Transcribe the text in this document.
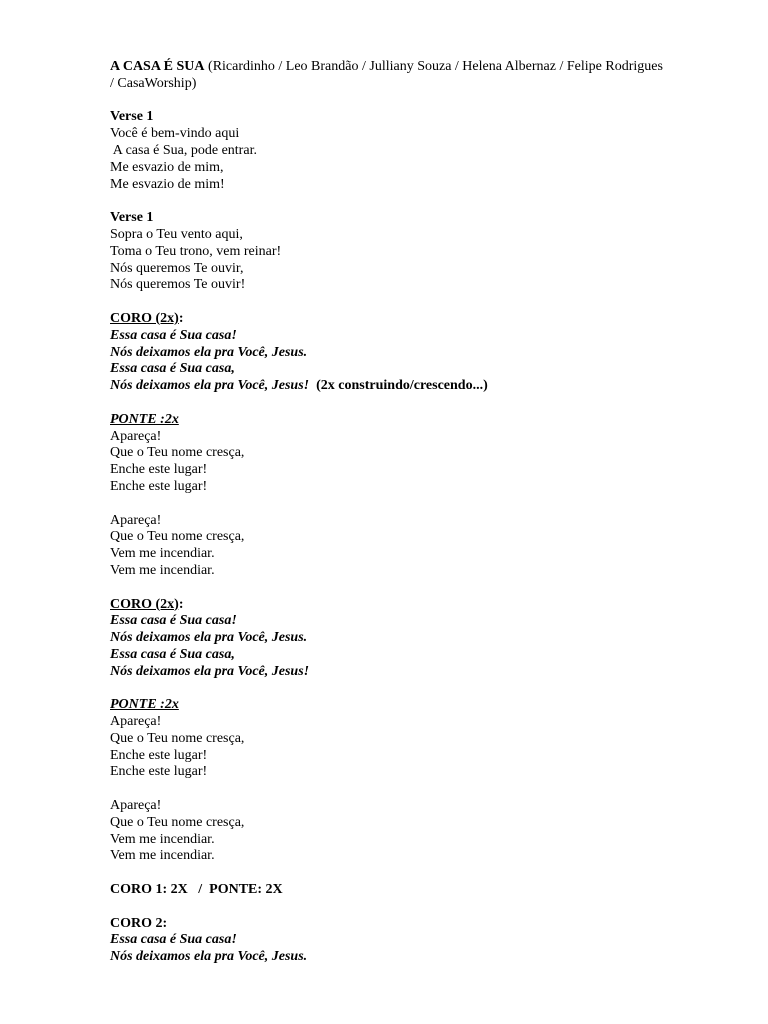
A CASA É SUA (Ricardinho / Leo Brandão / Julliany Souza / Helena Albernaz / Felipe Rodrigues / CasaWorship)
Verse 1
Você é bem-vindo aqui
A casa é Sua, pode entrar.
Me esvazio de mim,
Me esvazio de mim!
Verse 1
Sopra o Teu vento aqui,
Toma o Teu trono, vem reinar!
Nós queremos Te ouvir,
Nós queremos Te ouvir!
CORO (2x):
Essa casa é Sua casa!
Nós deixamos ela pra Você, Jesus.
Essa casa é Sua casa,
Nós deixamos ela pra Você, Jesus! (2x construindo/crescendo...)
PONTE :2x
Apareça!
Que o Teu nome cresça,
Enche este lugar!
Enche este lugar!
Apareça!
Que o Teu nome cresça,
Vem me incendiar.
Vem me incendiar.
CORO (2x):
Essa casa é Sua casa!
Nós deixamos ela pra Você, Jesus.
Essa casa é Sua casa,
Nós deixamos ela pra Você, Jesus!
PONTE :2x
Apareça!
Que o Teu nome cresça,
Enche este lugar!
Enche este lugar!
Apareça!
Que o Teu nome cresça,
Vem me incendiar.
Vem me incendiar.
CORO 1: 2X   /  PONTE: 2X
CORO 2:
Essa casa é Sua casa!
Nós deixamos ela pra Você, Jesus.
